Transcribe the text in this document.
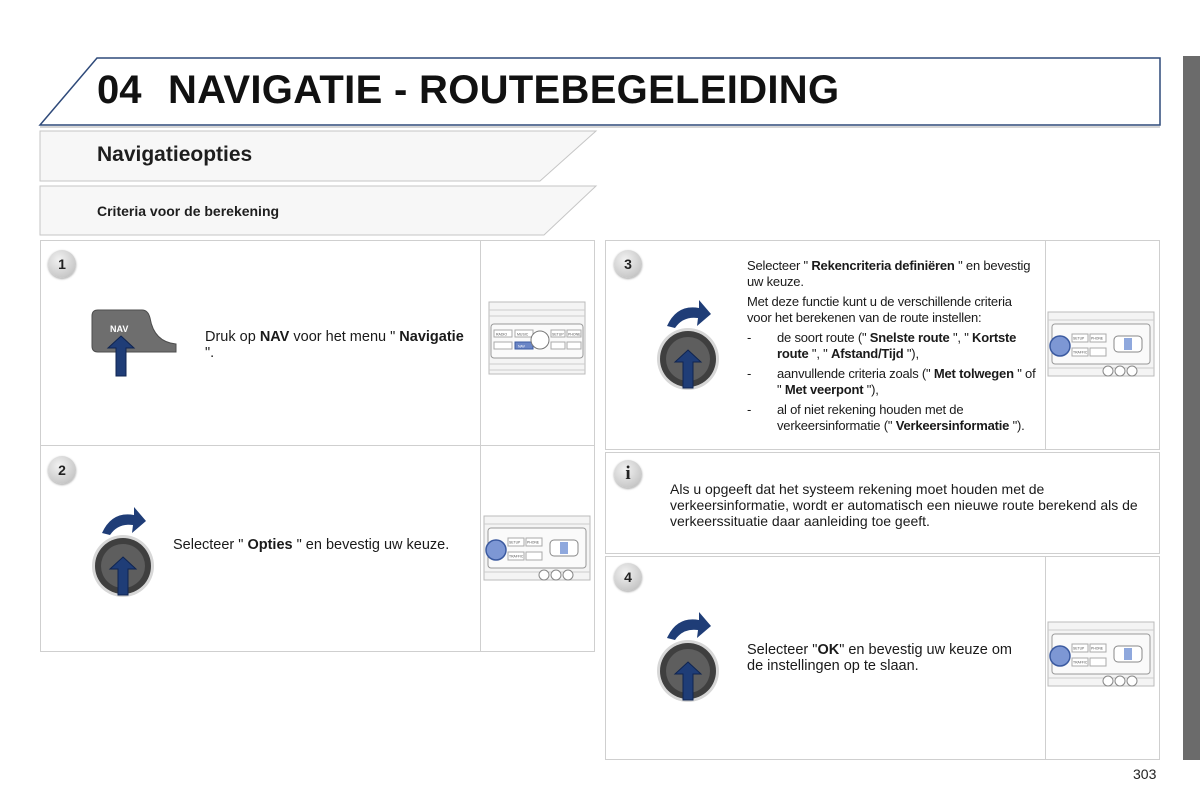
04 NAVIGATIE - ROUTEBEGELEIDING
Navigatieopties
Criteria voor de berekening
1
2
3
4
i
NAV	Druk op NAV voor het menu " Navigatie ".
RADIO	MUSIC
NAV
SETUP PHONE
Selecteer " Opties " en bevestig uw keuze.	SETUP PHONE
TRAFFIC

Selecteer " Rekencriteria definiëren " en bevestig uw keuze.

Met deze functie kunt u de verschillende criteria voor het berekenen van de route instellen:

- de soort route (" Snelste route ", " Kortste route ", " Afstand/Tijd "),
- aanvullende criteria zoals (" Met tolwegen " of " Met veerpont "),
- al of niet rekening houden met de verkeersinformatie (" Verkeersinformatie ").
SETUP PHONE
TRAFFIC
Als u opgeeft dat het systeem rekening moet houden met de verkeersinformatie, wordt er automatisch een nieuwe route berekend als de verkeerssituatie daar aanleiding toe geeft.
Selecteer "OK" en bevestig uw keuze om de instellingen op te slaan.
SETUP PHONE
TRAFFIC
303
